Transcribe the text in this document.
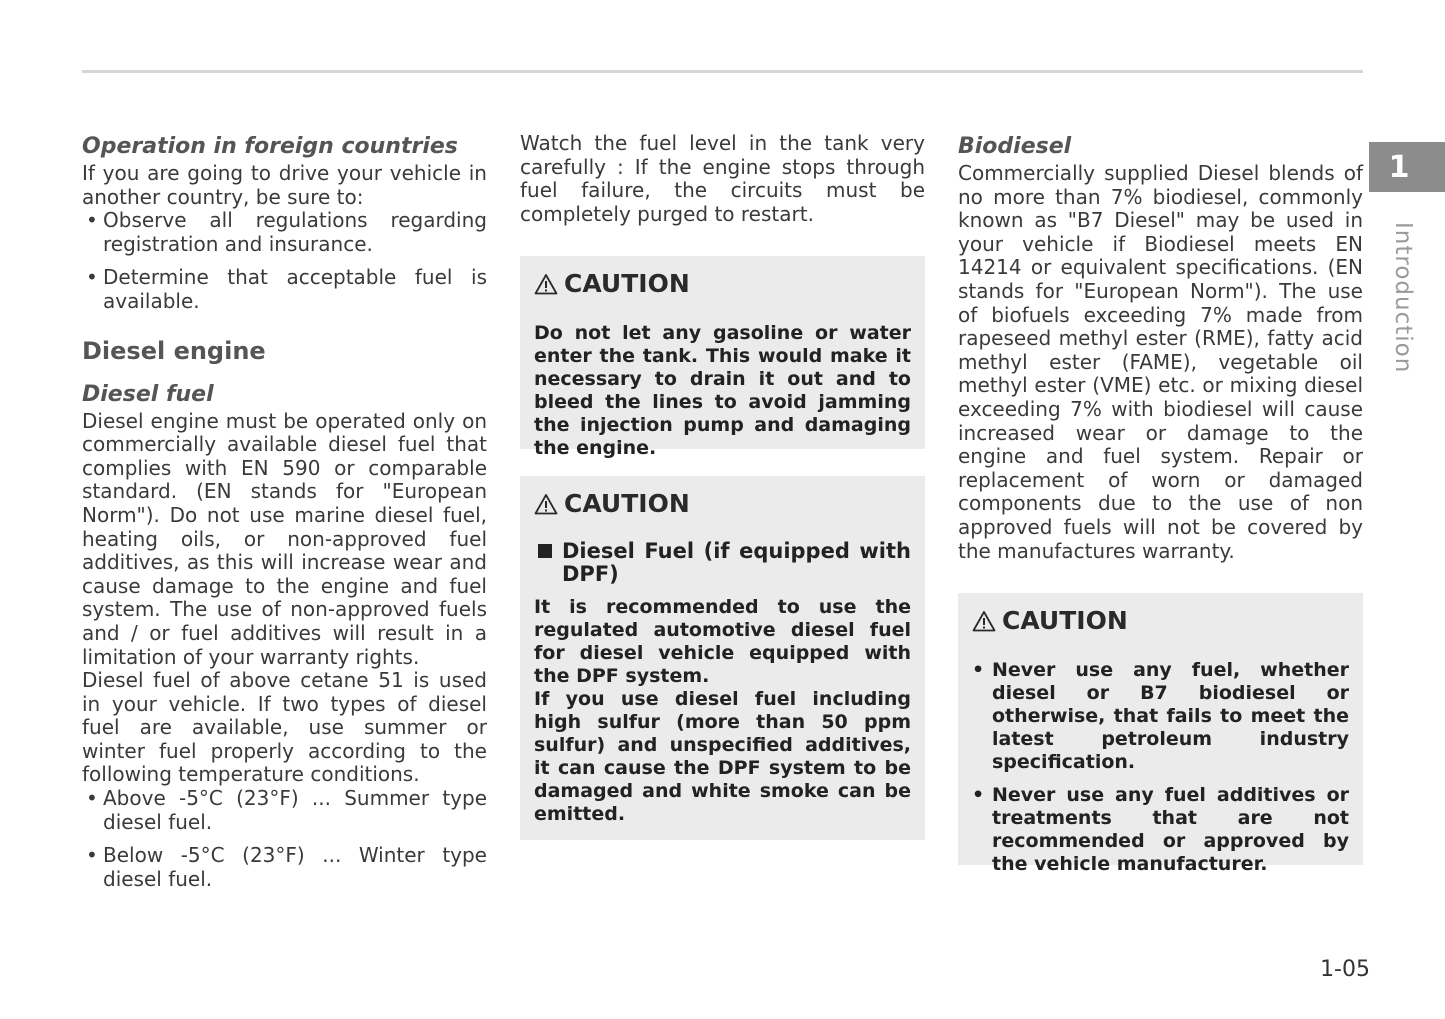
Operation in foreign countries

If you are going to drive your vehicle in another country, be sure to:

• Observe all regulations regarding registration and insurance.

• Determine that acceptable fuel is available.

Diesel engine
Diesel fuel

Diesel engine must be operated only on commercially available diesel fuel that complies with EN 590 or comparable standard. (EN stands for "European Norm"). Do not use marine diesel fuel, heating oils, or non-approved fuel additives, as this will increase wear and cause damage to the engine and fuel system. The use of non-approved fuels and / or fuel additives will result in a limitation of your warranty rights.

Diesel fuel of above cetane 51 is used in your vehicle. If two types of diesel fuel are available, use summer or winter fuel properly according to the following temperature conditions.

• Above -5°C (23°F) ... Summer type diesel fuel.

• Below -5°C (23°F) ... Winter type diesel fuel.

Watch the fuel level in the tank very carefully : If the engine stops through fuel failure, the circuits must be completely purged to restart.

CAUTION

Do not let any gasoline or water enter the tank. This would make it necessary to drain it out and to bleed the lines to avoid jamming the injection pump and damaging the engine.

CAUTION

Diesel Fuel (if equipped with DPF)

It is recommended to use the regulated automotive diesel fuel for diesel vehicle equipped with the DPF system.

If you use diesel fuel including high sulfur (more than 50 ppm sulfur) and unspecified additives, it can cause the DPF system to be damaged and white smoke can be emitted.

Biodiesel

Commercially supplied Diesel blends of no more than 7% biodiesel, commonly known as "B7 Diesel" may be used in your vehicle if Biodiesel meets EN 14214 or equivalent specifications. (EN stands for "European Norm"). The use of biofuels exceeding 7% made from rapeseed methyl ester (RME), fatty acid methyl ester (FAME), vegetable oil methyl ester (VME) etc. or mixing diesel exceeding 7% with biodiesel will cause increased wear or damage to the engine and fuel system. Repair or replacement of worn or damaged components due to the use of non approved fuels will not be covered by the manufactures warranty.

CAUTION

• Never use any fuel, whether diesel or B7 biodiesel or otherwise, that fails to meet the latest petroleum industry specification.

• Never use any fuel additives or treatments that are not recommended or approved by the vehicle manufacturer.

1
Introduction
1-05
